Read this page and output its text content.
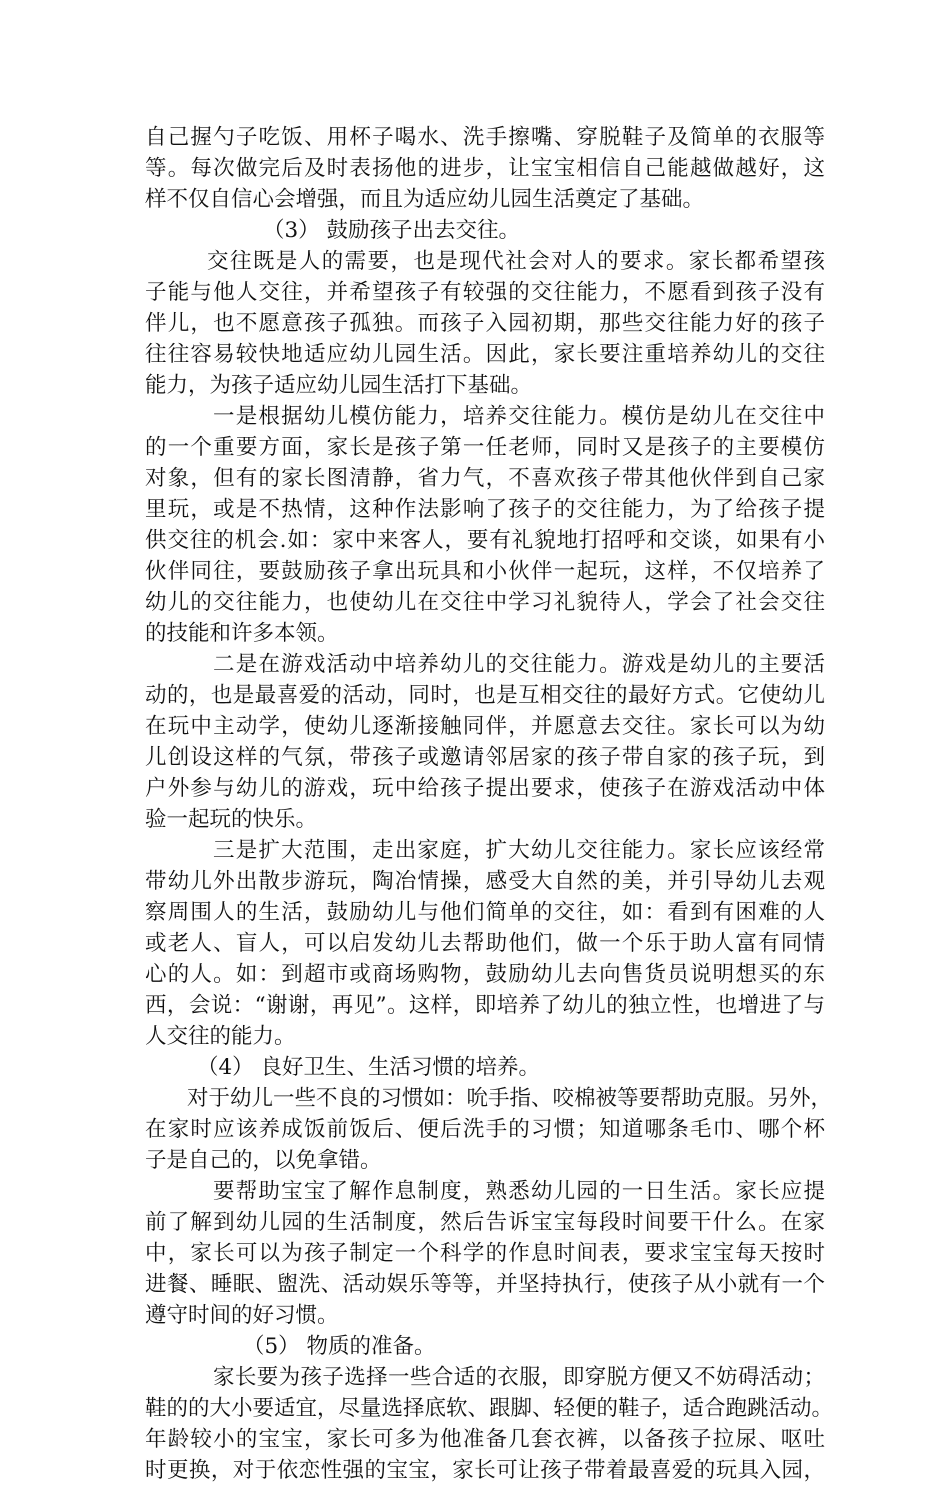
自己握勺子吃饭、用杯子喝水、洗手擦嘴、穿脱鞋子及简单的衣服等
等。每次做完后及时表扬他的进步，让宝宝相信自己能越做越好，这
样不仅自信心会增强，而且为适应幼儿园生活奠定了基础。
（3） 鼓励孩子出去交往。
交往既是人的需要，也是现代社会对人的要求。家长都希望孩
子能与他人交往，并希望孩子有较强的交往能力，不愿看到孩子没有
伴儿，也不愿意孩子孤独。而孩子入园初期，那些交往能力好的孩子
往往容易较快地适应幼儿园生活。因此，家长要注重培养幼儿的交往
能力，为孩子适应幼儿园生活打下基础。
一是根据幼儿模仿能力，培养交往能力。模仿是幼儿在交往中
的一个重要方面，家长是孩子第一任老师，同时又是孩子的主要模仿
对象，但有的家长图清静，省力气，不喜欢孩子带其他伙伴到自己家
里玩，或是不热情，这种作法影响了孩子的交往能力，为了给孩子提
供交往的机会.如：家中来客人，要有礼貌地打招呼和交谈，如果有小
伙伴同往，要鼓励孩子拿出玩具和小伙伴一起玩，这样，不仅培养了
幼儿的交往能力，也使幼儿在交往中学习礼貌待人，学会了社会交往
的技能和许多本领。
二是在游戏活动中培养幼儿的交往能力。游戏是幼儿的主要活
动的，也是最喜爱的活动，同时，也是互相交往的最好方式。它使幼儿
在玩中主动学，使幼儿逐渐接触同伴，并愿意去交往。家长可以为幼
儿创设这样的气氛，带孩子或邀请邻居家的孩子带自家的孩子玩，到
户外参与幼儿的游戏，玩中给孩子提出要求，使孩子在游戏活动中体
验一起玩的快乐。
三是扩大范围，走出家庭，扩大幼儿交往能力。家长应该经常
带幼儿外出散步游玩，陶冶情操，感受大自然的美，并引导幼儿去观
察周围人的生活，鼓励幼儿与他们简单的交往，如：看到有困难的人
或老人、盲人，可以启发幼儿去帮助他们，做一个乐于助人富有同情
心的人。如：到超市或商场购物，鼓励幼儿去向售货员说明想买的东
西，会说：“谢谢，再见”。这样，即培养了幼儿的独立性，也增进了与
人交往的能力。
（4） 良好卫生、生活习惯的培养。
对于幼儿一些不良的习惯如：吮手指、咬棉被等要帮助克服。另外，
在家时应该养成饭前饭后、便后洗手的习惯；知道哪条毛巾、哪个杯
子是自己的，以免拿错。
要帮助宝宝了解作息制度，熟悉幼儿园的一日生活。家长应提
前了解到幼儿园的生活制度，然后告诉宝宝每段时间要干什么。在家
中，家长可以为孩子制定一个科学的作息时间表，要求宝宝每天按时
进餐、睡眠、盥洗、活动娱乐等等，并坚持执行，使孩子从小就有一个
遵守时间的好习惯。
（5） 物质的准备。
家长要为孩子选择一些合适的衣服，即穿脱方便又不妨碍活动；
鞋的的大小要适宜，尽量选择底软、跟脚、轻便的鞋子，适合跑跳活动。
年龄较小的宝宝，家长可多为他准备几套衣裤，以备孩子拉尿、呕吐
时更换，对于依恋性强的宝宝，家长可让孩子带着最喜爱的玩具入园，
